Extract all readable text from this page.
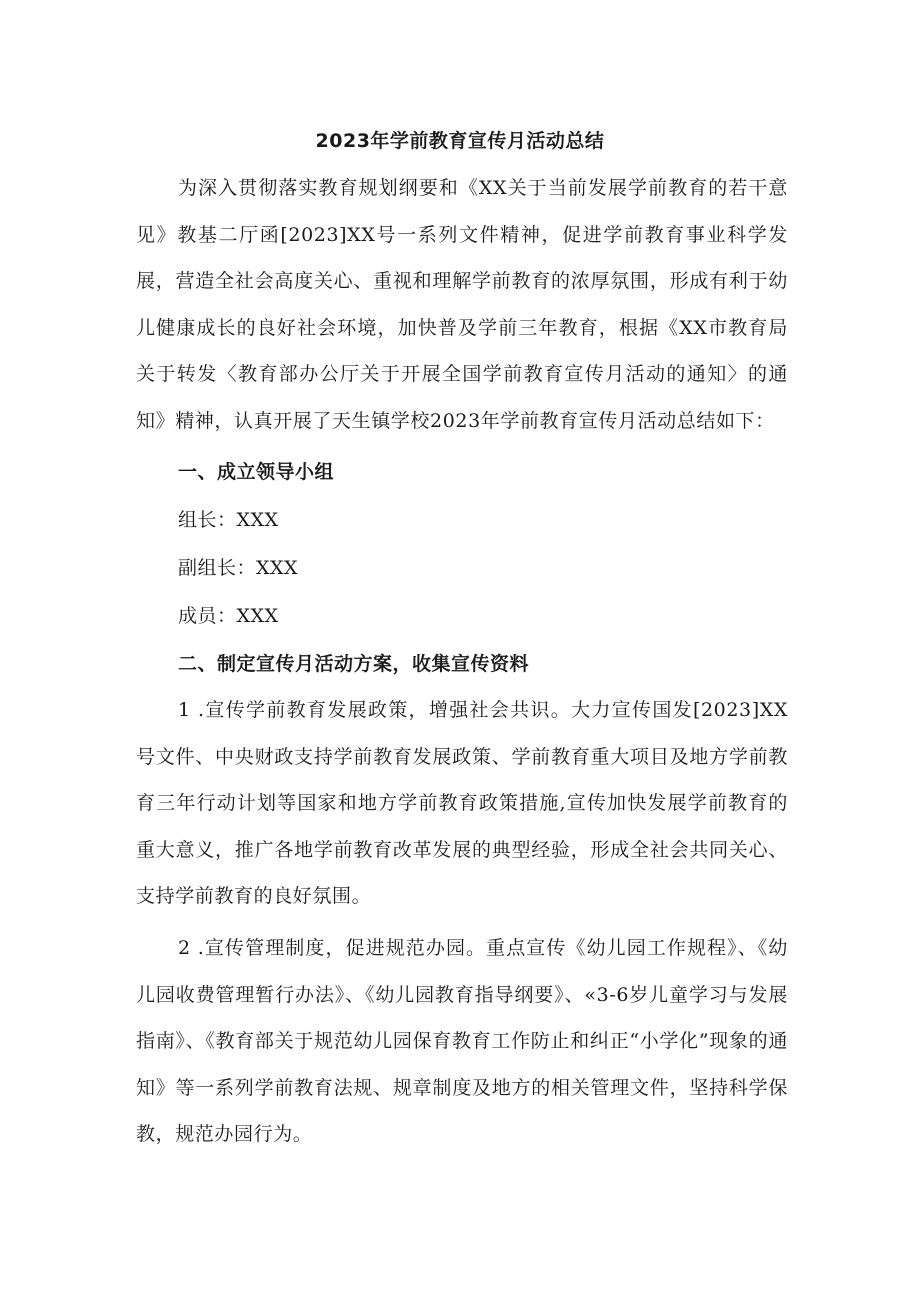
2023年学前教育宣传月活动总结

为深入贯彻落实教育规划纲要和《XX关于当前发展学前教育的若干意见》教基二厅函[2023]XX号一系列文件精神，促进学前教育事业科学发展，营造全社会高度关心、重视和理解学前教育的浓厚氛围，形成有利于幼儿健康成长的良好社会环境，加快普及学前三年教育，根据《XX市教育局关于转发〈教育部办公厅关于开展全国学前教育宣传月活动的通知〉的通知》精神，认真开展了天生镇学校2023年学前教育宣传月活动总结如下：

一、成立领导小组

组长：XXX

副组长：XXX

成员：XXX

二、制定宣传月活动方案，收集宣传资料

1 .宣传学前教育发展政策，增强社会共识。大力宣传国发[2023]XX号文件、中央财政支持学前教育发展政策、学前教育重大项目及地方学前教育三年行动计划等国家和地方学前教育政策措施,宣传加快发展学前教育的重大意义，推广各地学前教育改革发展的典型经验，形成全社会共同关心、支持学前教育的良好氛围。

2 .宣传管理制度，促进规范办园。重点宣传《幼儿园工作规程》、《幼儿园收费管理暂行办法》、《幼儿园教育指导纲要》、«3-6岁儿童学习与发展指南》、《教育部关于规范幼儿园保育教育工作防止和纠正“小学化”现象的通知》等一系列学前教育法规、规章制度及地方的相关管理文件，坚持科学保教，规范办园行为。
